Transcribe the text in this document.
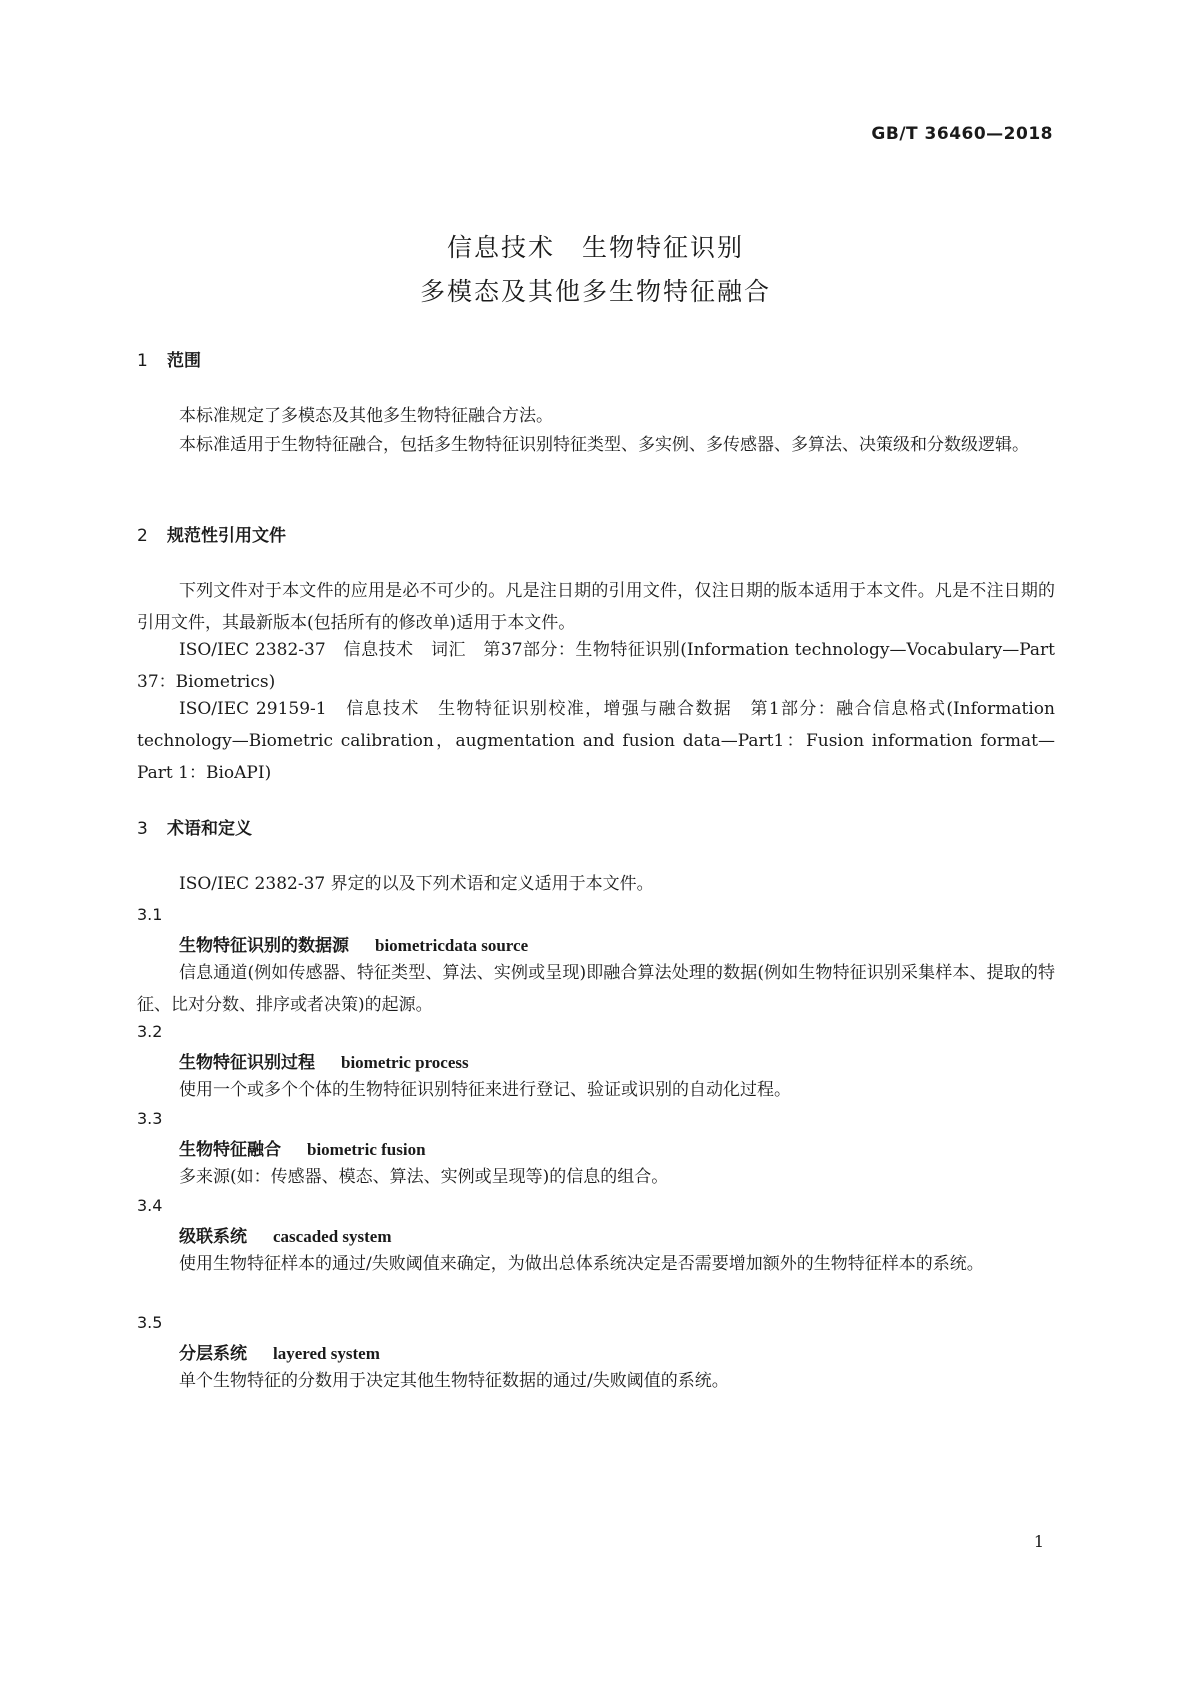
GB/T 36460—2018
信息技术　生物特征识别
多模态及其他多生物特征融合
1 范围
本标准规定了多模态及其他多生物特征融合方法。
本标准适用于生物特征融合，包括多生物特征识别特征类型、多实例、多传感器、多算法、决策级和分数级逻辑。
2 规范性引用文件
下列文件对于本文件的应用是必不可少的。凡是注日期的引用文件，仅注日期的版本适用于本文件。凡是不注日期的引用文件，其最新版本(包括所有的修改单)适用于本文件。
ISO/IEC 2382-37　信息技术　词汇　第37部分：生物特征识别(Information technology—Vocabulary—Part 37：Biometrics)
ISO/IEC 29159-1　信息技术　生物特征识别校准，增强与融合数据　第1部分：融合信息格式(Information technology—Biometric calibration，augmentation and fusion data—Part1：Fusion information format—Part 1：BioAPI)
3 术语和定义
ISO/IEC 2382-37 界定的以及下列术语和定义适用于本文件。
3.1
生物特征识别的数据源 biometricdata source
信息通道(例如传感器、特征类型、算法、实例或呈现)即融合算法处理的数据(例如生物特征识别采集样本、提取的特征、比对分数、排序或者决策)的起源。
3.2
生物特征识别过程 biometric process
使用一个或多个个体的生物特征识别特征来进行登记、验证或识别的自动化过程。
3.3
生物特征融合 biometric fusion
多来源(如：传感器、模态、算法、实例或呈现等)的信息的组合。
3.4
级联系统 cascaded system
使用生物特征样本的通过/失败阈值来确定，为做出总体系统决定是否需要增加额外的生物特征样本的系统。
3.5
分层系统 layered system
单个生物特征的分数用于决定其他生物特征数据的通过/失败阈值的系统。
1
